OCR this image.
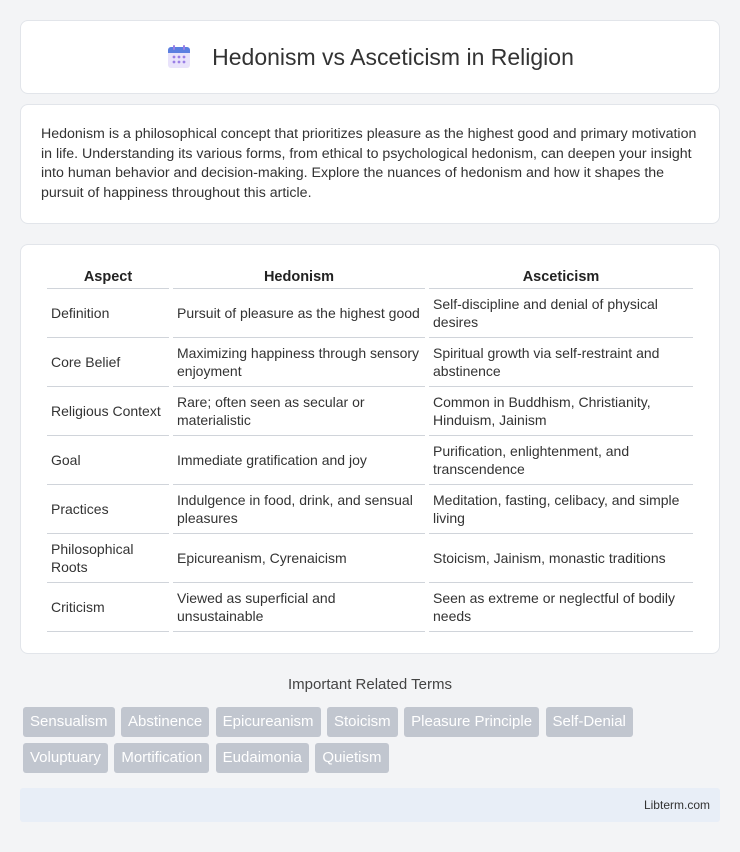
Hedonism vs Asceticism in Religion

Hedonism is a philosophical concept that prioritizes pleasure as the highest good and primary motivation in life. Understanding its various forms, from ethical to psychological hedonism, can deepen your insight into human behavior and decision-making. Explore the nuances of hedonism and how it shapes the pursuit of happiness throughout this article.

Aspect	Hedonism	Asceticism
Definition	Pursuit of pleasure as the highest good	Self-discipline and denial of physical desires
Core Belief	Maximizing happiness through sensory enjoyment	Spiritual growth via self-restraint and abstinence
Religious Context	Rare; often seen as secular or materialistic	Common in Buddhism, Christianity, Hinduism, Jainism
Goal	Immediate gratification and joy	Purification, enlightenment, and transcendence
Practices	Indulgence in food, drink, and sensual pleasures	Meditation, fasting, celibacy, and simple living
Philosophical Roots	Epicureanism, Cyrenaicism	Stoicism, Jainism, monastic traditions
Criticism	Viewed as superficial and unsustainable	Seen as extreme or neglectful of bodily needs
Important Related Terms
Sensualism Abstinence Epicureanism Stoicism Pleasure Principle Self-Denial Voluptuary Mortification Eudaimonia Quietism
Libterm.com
